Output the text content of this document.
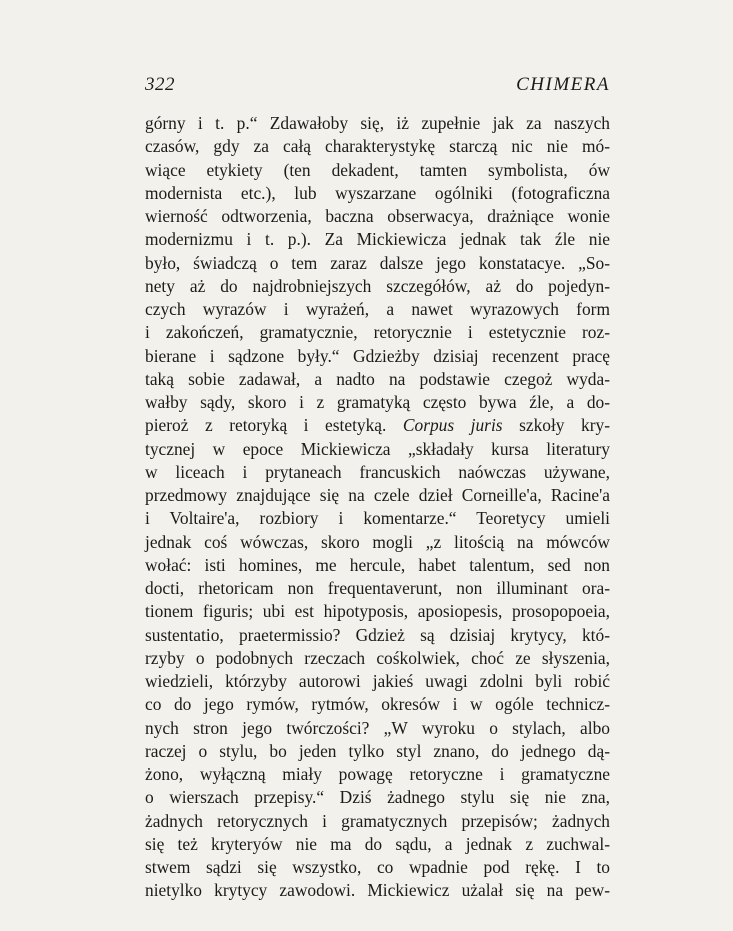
322	CHIMERA
górny i t. p.“ Zdawałoby się, iż zupełnie jak za naszych
czasów, gdy za całą charakterystykę starczą nic nie mó-
wiące etykiety (ten dekadent, tamten symbolista, ów
modernista etc.), lub wyszarzane ogólniki (fotograficzna
wierność odtworzenia, baczna obserwacya, drażniące wonie
modernizmu i t. p.). Za Mickiewicza jednak tak źle nie
było, świadczą o tem zaraz dalsze jego konstatacye. „So-
nety aż do najdrobniejszych szczegółów, aż do pojedyn-
czych wyrazów i wyrażeń, a nawet wyrazowych form
i zakończeń, gramatycznie, retorycznie i estetycznie roz-
bierane i sądzone były.“ Gdzieżby dzisiaj recenzent pracę
taką sobie zadawał, a nadto na podstawie czegoż wyda-
wałby sądy, skoro i z gramatyką często bywa źle, a do-
pieroż z retoryką i estetyką. Corpus juris szkoły kry-
tycznej w epoce Mickiewicza „składały kursa literatury
w liceach i prytaneach francuskich naówczas używane,
przedmowy znajdujące się na czele dzieł Corneille'a, Racine'a
i Voltaire'a, rozbiory i komentarze.“ Teoretycy umieli
jednak coś wówczas, skoro mogli „z litością na mówców
wołać: isti homines, me hercule, habet talentum, sed non
docti, rhetoricam non frequentaverunt, non illuminant ora-
tionem figuris; ubi est hipotyposis, aposiopesis, prosopopoeia,
sustentatio, praetermissio? Gdzież są dzisiaj krytycy, któ-
rzyby o podobnych rzeczach cośkolwiek, choć ze słyszenia,
wiedzieli, którzyby autorowi jakieś uwagi zdolni byli robić
co do jego rymów, rytmów, okresów i w ogóle technicz-
nych stron jego twórczości? „W wyroku o stylach, albo
raczej o stylu, bo jeden tylko styl znano, do jednego dą-
żono, wyłączną miały powagę retoryczne i gramatyczne
o wierszach przepisy.“ Dziś żadnego stylu się nie zna,
żadnych retorycznych i gramatycznych przepisów; żadnych
się też kryteryów nie ma do sądu, a jednak z zuchwal-
stwem sądzi się wszystko, co wpadnie pod rękę. I to
nietylko krytycy zawodowi. Mickiewicz użalał się na pew-
